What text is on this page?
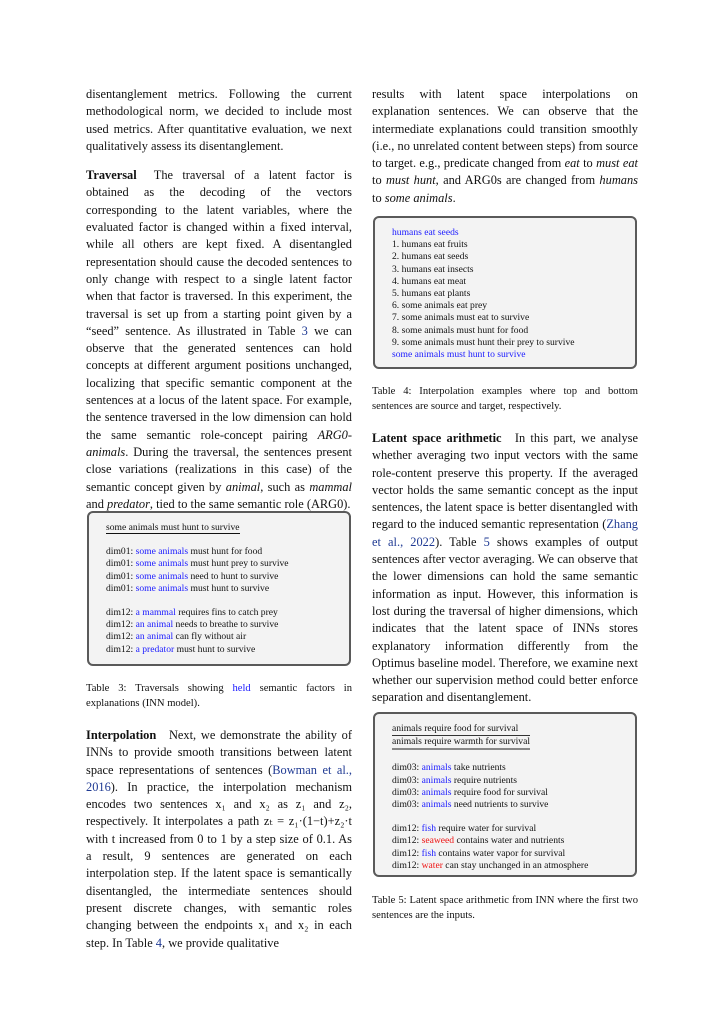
disentanglement metrics. Following the current methodological norm, we decided to include most used metrics. After quantitative evaluation, we next qualitatively assess its disentanglement.

Traversal The traversal of a latent factor is obtained as the decoding of the vectors corresponding to the latent variables, where the evaluated factor is changed within a fixed interval, while all others are kept fixed. A disentangled representation should cause the decoded sentences to only change with respect to a single latent factor when that factor is traversed. In this experiment, the traversal is set up from a starting point given by a “seed” sentence. As illustrated in Table 3 we can observe that the generated sentences can hold concepts at different argument positions unchanged, localizing that specific semantic component at the sentences at a locus of the latent space. For example, the sentence traversed in the low dimension can hold the same semantic role-concept pairing ARG0-animals. During the traversal, the sentences present close variations (realizations in this case) of the semantic concept given by animal, such as mammal and predator, tied to the same semantic role (ARG0).

some animals must hunt to survive
dim01: some animals must hunt for food
dim01: some animals must hunt prey to survive
dim01: some animals need to hunt to survive
dim01: some animals must hunt to survive
dim12: a mammal requires fins to catch prey
dim12: an animal needs to breathe to survive
dim12: an animal can fly without air
dim12: a predator must hunt to survive
Table 3: Traversals showing held semantic factors in explanations (INN model).

Interpolation Next, we demonstrate the ability of INNs to provide smooth transitions between latent space representations of sentences (Bowman et al., 2016). In practice, the interpolation mechanism encodes two sentences x₁ and x₂ as z₁ and z₂, respectively. It interpolates a path zₜ = z₁·(1−t)+z₂·t with t increased from 0 to 1 by a step size of 0.1. As a result, 9 sentences are generated on each interpolation step. If the latent space is semantically disentangled, the intermediate sentences should present discrete changes, with semantic roles changing between the endpoints x₁ and x₂ in each step. In Table 4, we provide qualitative

results with latent space interpolations on explanation sentences. We can observe that the intermediate explanations could transition smoothly (i.e., no unrelated content between steps) from source to target. e.g., predicate changed from eat to must eat to must hunt, and ARG0s are changed from humans to some animals.

humans eat seeds
1. humans eat fruits
2. humans eat seeds
3. humans eat insects
4. humans eat meat
5. humans eat plants
6. some animals eat prey
7. some animals must eat to survive
8. some animals must hunt for food
9. some animals must hunt their prey to survive
some animals must hunt to survive
Table 4: Interpolation examples where top and bottom sentences are source and target, respectively.

Latent space arithmetic In this part, we analyse whether averaging two input vectors with the same role-content preserve this property. If the averaged vector holds the same semantic concept as the input sentences, the latent space is better disentangled with regard to the induced semantic representation (Zhang et al., 2022). Table 5 shows examples of output sentences after vector averaging. We can observe that the lower dimensions can hold the same semantic information as input. However, this information is lost during the traversal of higher dimensions, which indicates that the latent space of INNs stores explanatory information differently from the Optimus baseline model. Therefore, we examine next whether our supervision method could better enforce separation and disentanglement.

animals require food for survival
animals require warmth for survival
dim03: animals take nutrients
dim03: animals require nutrients
dim03: animals require food for survival
dim03: animals need nutrients to survive
dim12: fish require water for survival
dim12: seaweed contains water and nutrients
dim12: fish contains water vapor for survival
dim12: water can stay unchanged in an atmosphere
Table 5: Latent space arithmetic from INN where the first two sentences are the inputs.
